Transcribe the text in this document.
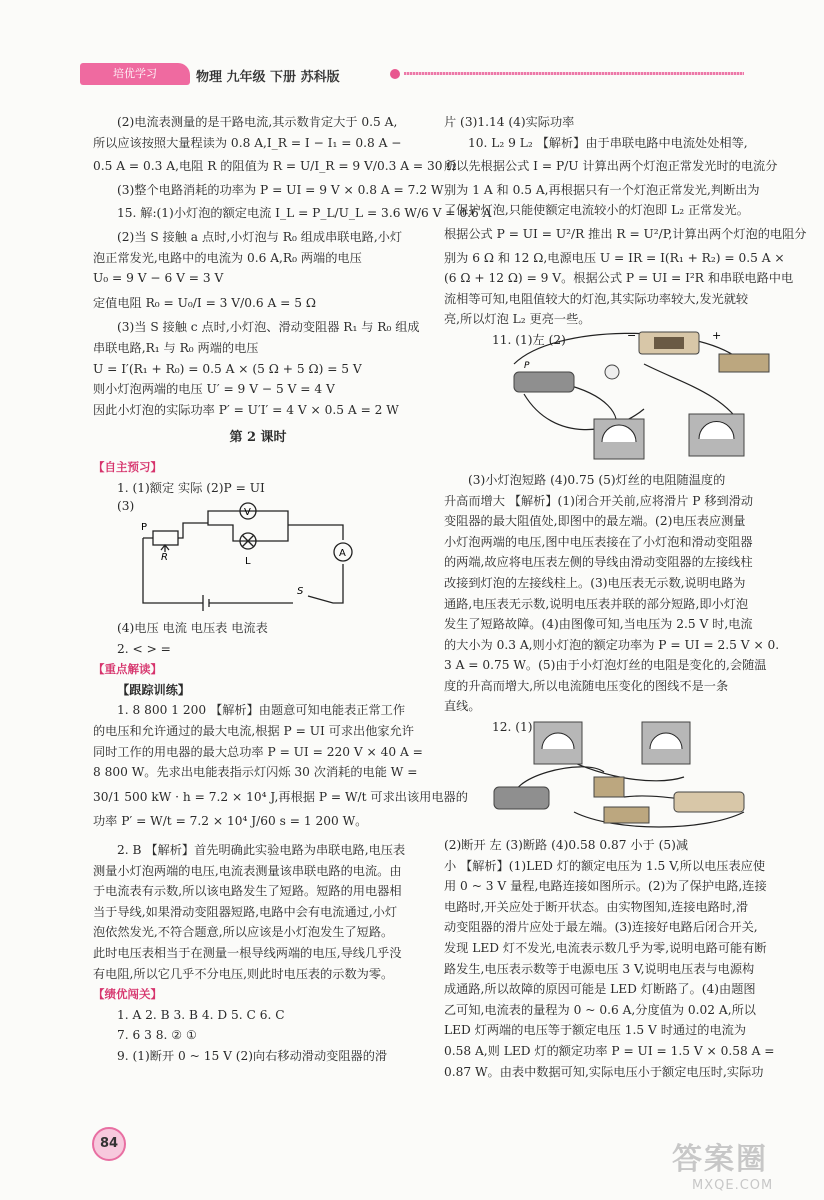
培优学习	物理 九年级 下册 苏科版

(2)电流表测量的是干路电流,其示数肯定大于 0.5 A,

所以应该按照大量程读为 0.8 A,I_R = I − I₁ = 0.8 A −

0.5 A = 0.3 A,电阻 R 的阻值为 R = U/I_R = 9 V/0.3 A = 30 Ω

(3)整个电路消耗的功率为 P = UI = 9 V × 0.8 A = 7.2 W

15. 解:(1)小灯泡的额定电流 I_L = P_L/U_L = 3.6 W/6 V = 0.6 A

(2)当 S 接触 a 点时,小灯泡与 R₀ 组成串联电路,小灯

泡正常发光,电路中的电流为 0.6 A,R₀ 两端的电压

U₀ = 9 V − 6 V = 3 V

定值电阻 R₀ = U₀/I = 3 V/0.6 A = 5 Ω

(3)当 S 接触 c 点时,小灯泡、滑动变阻器 R₁ 与 R₀ 组成

串联电路,R₁ 与 R₀ 两端的电压

U = I′(R₁ + R₀) = 0.5 A × (5 Ω + 5 Ω) = 5 V

则小灯泡两端的电压 U′ = 9 V − 5 V = 4 V

因此小灯泡的实际功率 P′ = U′I′ = 4 V × 0.5 A = 2 W

第 2 课时

【自主预习】

1. (1)额定 实际 (2)P = UI

(3)
P
R
V
L
A
S

(4)电压 电流 电压表 电流表

2. < > =

【重点解读】

【跟踪训练】

1. 8 800 1 200 【解析】由题意可知电能表正常工作

的电压和允许通过的最大电流,根据 P = UI 可求出他家允许

同时工作的用电器的最大总功率 P = UI = 220 V × 40 A =

8 800 W。先求出电能表指示灯闪烁 30 次消耗的电能 W =

30/1 500 kW · h = 7.2 × 10⁴ J,再根据 P = W/t 可求出该用电器的

功率 P′ = W/t = 7.2 × 10⁴ J/60 s = 1 200 W。

2. B 【解析】首先明确此实验电路为串联电路,电压表

测量小灯泡两端的电压,电流表测量该串联电路的电流。由

于电流表有示数,所以该电路发生了短路。短路的用电器相

当于导线,如果滑动变阻器短路,电路中会有电流通过,小灯

泡依然发光,不符合题意,所以应该是小灯泡发生了短路。

此时电压表相当于在测量一根导线两端的电压,导线几乎没

有电阻,所以它几乎不分电压,则此时电压表的示数为零。

【绩优闯关】

1. A 2. B 3. B 4. D 5. C 6. C

7. 6 3 8. ② ①

9. (1)断开 0 ~ 15 V (2)向右移动滑动变阻器的滑

片 (3)1.14 (4)实际功率

10. L₂ 9 L₂ 【解析】由于串联电路中电流处处相等,

所以先根据公式 I = P/U 计算出两个灯泡正常发光时的电流分

别为 1 A 和 0.5 A,再根据只有一个灯泡正常发光,判断出为

了保护灯泡,只能使额定电流较小的灯泡即 L₂ 正常发光。

根据公式 P = UI = U²/R 推出 R = U²/P,计算出两个灯泡的电阻分

别为 6 Ω 和 12 Ω,电源电压 U = IR = I(R₁ + R₂) = 0.5 A ×

(6 Ω + 12 Ω) = 9 V。根据公式 P = UI = I²R 和串联电路中电

流相等可知,电阻值较大的灯泡,其实际功率较大,发光就较

亮,所以灯泡 L₂ 更亮一些。

11. (1)左 (2)
P
+
−

(3)小灯泡短路 (4)0.75 (5)灯丝的电阻随温度的

升高而增大 【解析】(1)闭合开关前,应将滑片 P 移到滑动

变阻器的最大阻值处,即图中的最左端。(2)电压表应测量

小灯泡两端的电压,图中电压表接在了小灯泡和滑动变阻器

的两端,故应将电压表左侧的导线由滑动变阻器的左接线柱

改接到灯泡的左接线柱上。(3)电压表无示数,说明电路为

通路,电压表无示数,说明电压表并联的部分短路,即小灯泡

发生了短路故障。(4)由图像可知,当电压为 2.5 V 时,电流

的大小为 0.3 A,则小灯泡的额定功率为 P = UI = 2.5 V × 0.

3 A = 0.75 W。(5)由于小灯泡灯丝的电阻是变化的,会随温

度的升高而增大,所以电流随电压变化的图线不是一条

直线。

12. (1)

(2)断开 左 (3)断路 (4)0.58 0.87 小于 (5)减

小 【解析】(1)LED 灯的额定电压为 1.5 V,所以电压表应使

用 0 ~ 3 V 量程,电路连接如图所示。(2)为了保护电路,连接

电路时,开关应处于断开状态。由实物图知,连接电路时,滑

动变阻器的滑片应处于最左端。(3)连接好电路后闭合开关,

发现 LED 灯不发光,电流表示数几乎为零,说明电路可能有断

路发生,电压表示数等于电源电压 3 V,说明电压表与电源构

成通路,所以故障的原因可能是 LED 灯断路了。(4)由题图

乙可知,电流表的量程为 0 ~ 0.6 A,分度值为 0.02 A,所以

LED 灯两端的电压等于额定电压 1.5 V 时通过的电流为

0.58 A,则 LED 灯的额定功率 P = UI = 1.5 V × 0.58 A =

0.87 W。由表中数据可知,实际电压小于额定电压时,实际功

84	答案圈
MXQE.COM
